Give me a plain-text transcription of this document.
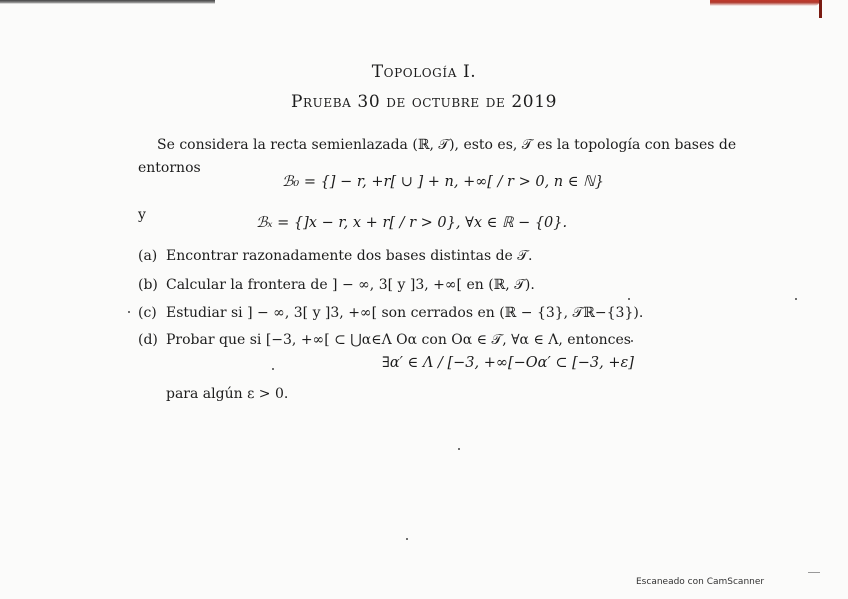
Topología I.
Prueba 30 de octubre de 2019
Se considera la recta semienlazada (ℝ, 𝒯), esto es, 𝒯 es la topología con bases de
entornos
ℬ₀ = {] − r, +r[ ∪ ] + n, +∞[ / r > 0, n ∈ ℕ}
y	ℬₓ = {]x − r, x + r[ / r > 0}, ∀x ∈ ℝ − {0}.
(a) Encontrar razonadamente dos bases distintas de 𝒯.
(b) Calcular la frontera de ] − ∞, 3[ y ]3, +∞[ en (ℝ, 𝒯).
(c) Estudiar si ] − ∞, 3[ y ]3, +∞[ son cerrados en (ℝ − {3}, 𝒯ℝ−{3}).
(d) Probar que si [−3, +∞[ ⊂ ⋃α∈Λ Oα con Oα ∈ 𝒯, ∀α ∈ Λ, entonces
∃α′ ∈ Λ / [−3, +∞[−Oα′ ⊂ [−3, +ε]
para algún ε > 0.
Escaneado con CamScanner
